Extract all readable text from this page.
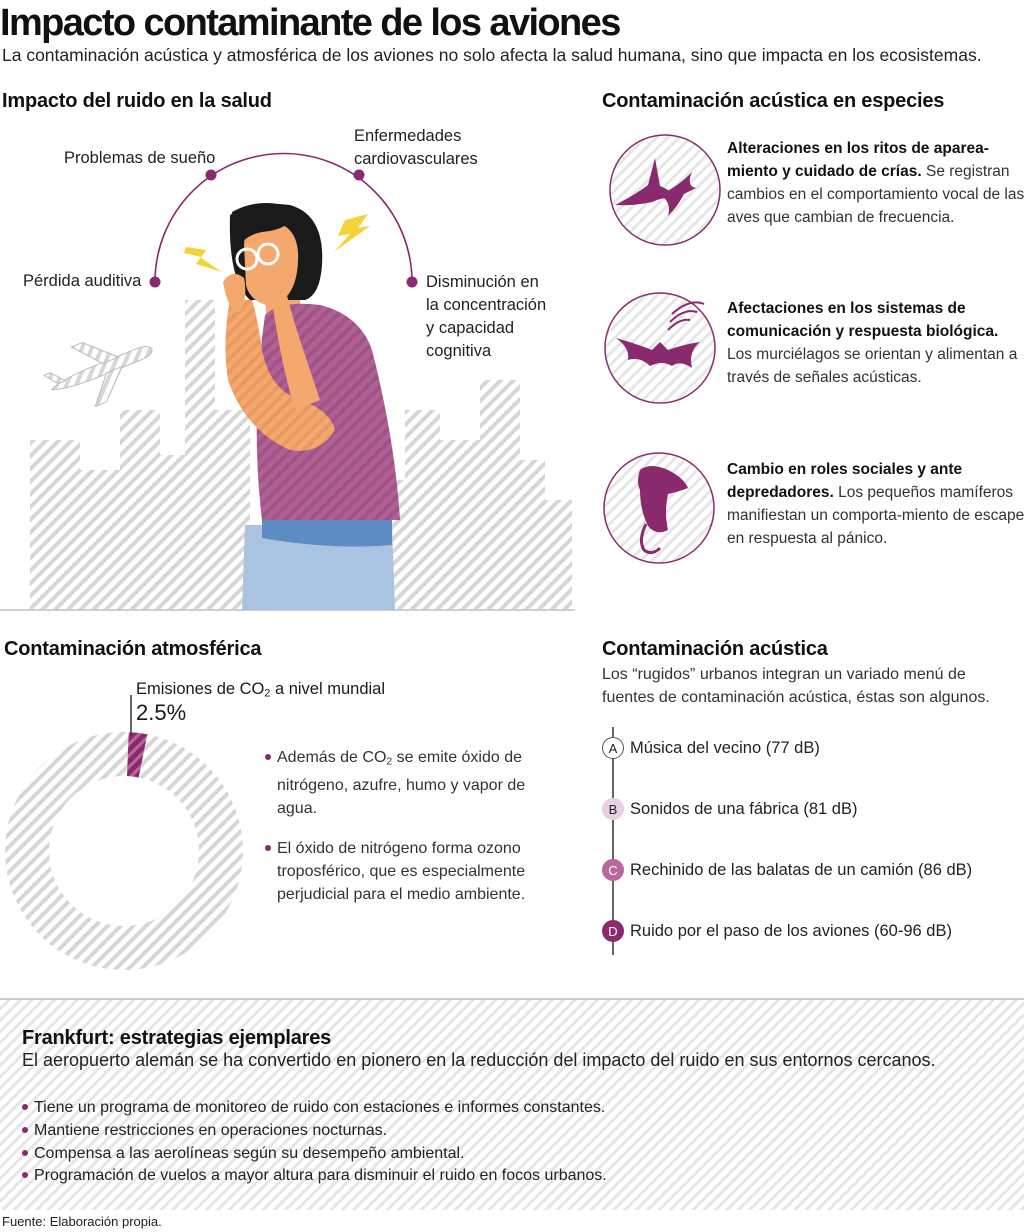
Impacto contaminante de los aviones
La contaminación acústica y atmosférica de los aviones no solo afecta la salud humana, sino que impacta en los ecosistemas.
Impacto del ruido en la salud
Pérdida auditiva
Problemas de sueño
Enfermedades
cardiovasculares
Disminución en
la concentración
y capacidad
cognitiva
Contaminación acústica en especies
Alteraciones en los ritos de aparea-miento y cuidado de crías. Se registran cambios en el comportamiento vocal de las aves que cambian de frecuencia.
Afectaciones en los sistemas de comunicación y respuesta biológica. Los murciélagos se orientan y alimentan a través de señales acústicas.
Cambio en roles sociales y ante depredadores. Los pequeños mamíferos manifiestan un comporta-miento de escape en respuesta al pánico.
Contaminación atmosférica
Emisiones de $CO_2$ a nivel mundial
2.5%
Además de $CO_2$ se emite óxido de nitrógeno, azufre, humo y vapor de agua.
El óxido de nitrógeno forma ozono troposférico, que es especialmente perjudicial para el medio ambiente.
Contaminación acústica
Los “rugidos” urbanos integran un variado menú de fuentes de contaminación acústica, éstas son algunos.
A Música del vecino (77 dB)
B Sonidos de una fábrica (81 dB)
C Rechinido de las balatas de un camión (86 dB)
D Ruido por el paso de los aviones (60-96 dB)
Frankfurt: estrategias ejemplares
El aeropuerto alemán se ha convertido en pionero en la reducción del impacto del ruido en sus entornos cercanos.
Tiene un programa de monitoreo de ruido con estaciones e informes constantes.
Mantiene restricciones en operaciones nocturnas.
Compensa a las aerolíneas según su desempeño ambiental.
Programación de vuelos a mayor altura para disminuir el ruido en focos urbanos.
Fuente: Elaboración propia.
